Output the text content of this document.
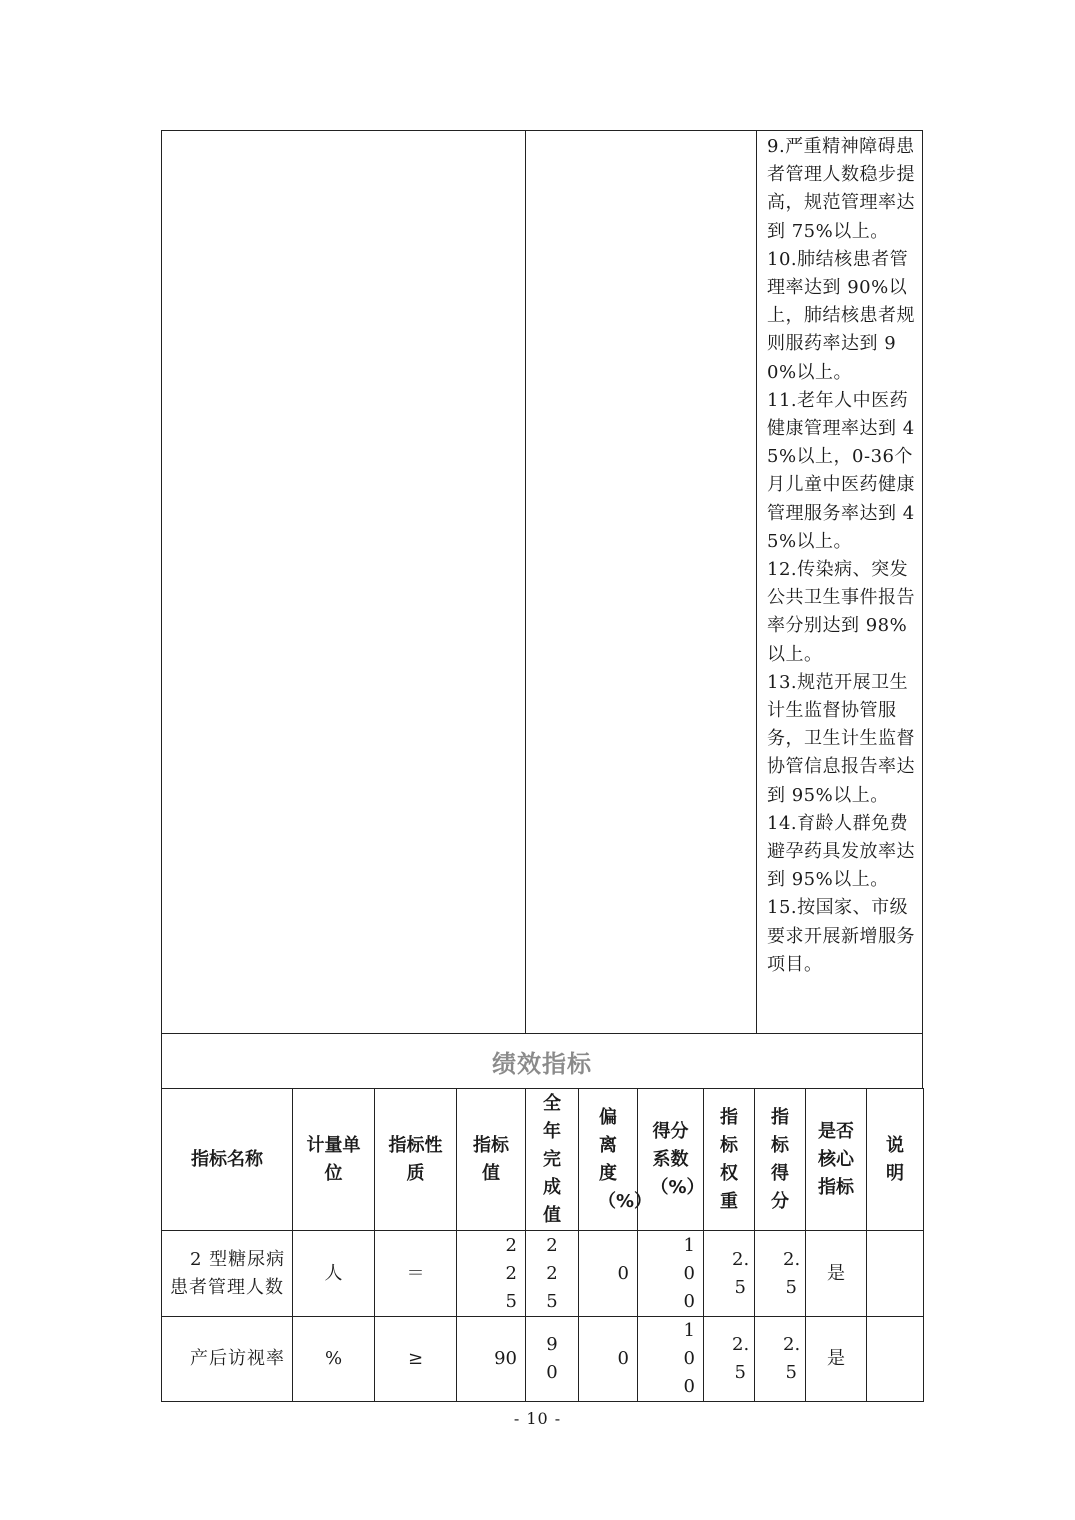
9.严重精神障碍患者管理人数稳步提高，规范管理率达到 75%以上。
10.肺结核患者管理率达到 90%以上，肺结核患者规则服药率达到 90%以上。
11.老年人中医药健康管理率达到 45%以上，0-36个月儿童中医药健康管理服务率达到 45%以上。
12.传染病、突发公共卫生事件报告率分别达到 98%以上。
13.规范开展卫生计生监督协管服务，卫生计生监督协管信息报告率达到 95%以上。
14.育龄人群免费避孕药具发放率达到 95%以上。
15.按国家、市级要求开展新增服务项目。
绩效指标
指标名称	计量单位	指标性质	指标值	全年完成值	偏离度（%）	得分系数（%）	指标权重	指标得分	是否核心指标	说明

2 型糖尿病患者管理人数	人	＝	225	225	0	100	2.5	2.5	是	

产后访视率	%	≥	90	90	0	100	2.5	2.5	是	
- 10 -
